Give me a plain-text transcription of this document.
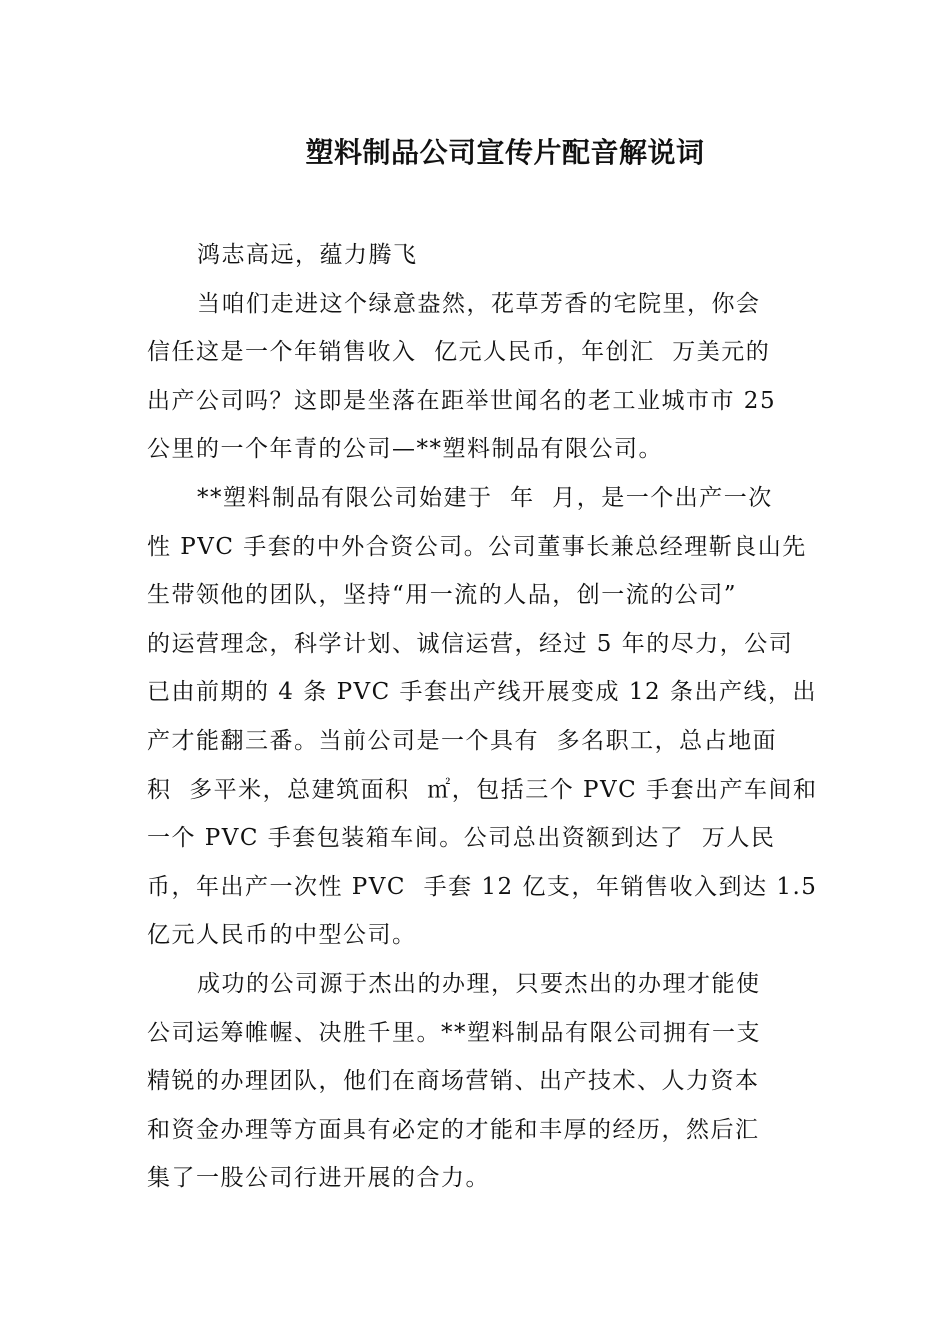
塑料制品公司宣传片配音解说词
鸿志高远，蕴力腾飞
当咱们走进这个绿意盎然，花草芳香的宅院里，你会
信任这是一个年销售收入  亿元人民币，年创汇  万美元的
出产公司吗？这即是坐落在距举世闻名的老工业城市市 25
公里的一个年青的公司—**塑料制品有限公司。
**塑料制品有限公司始建于  年  月，是一个出产一次
性 PVC 手套的中外合资公司。公司董事长兼总经理靳良山先
生带领他的团队，坚持“用一流的人品，创一流的公司”
的运营理念，科学计划、诚信运营，经过 5 年的尽力，公司
已由前期的 4 条 PVC 手套出产线开展变成 12 条出产线，出
产才能翻三番。当前公司是一个具有  多名职工，总占地面
积  多平米，总建筑面积  ㎡，包括三个 PVC 手套出产车间和
一个 PVC 手套包装箱车间。公司总出资额到达了  万人民
币，年出产一次性 PVC  手套 12 亿支，年销售收入到达 1.5
亿元人民币的中型公司。
成功的公司源于杰出的办理，只要杰出的办理才能使
公司运筹帷幄、决胜千里。**塑料制品有限公司拥有一支
精锐的办理团队，他们在商场营销、出产技术、人力资本
和资金办理等方面具有必定的才能和丰厚的经历，然后汇
集了一股公司行进开展的合力。
